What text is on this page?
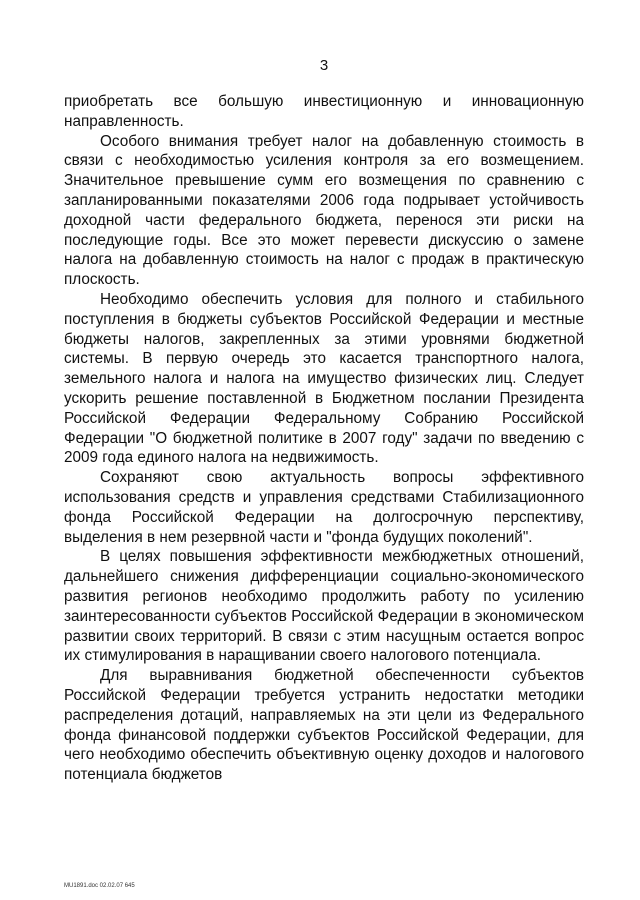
3

приобретать все большую инвестиционную и инновационную направленность.

Особого внимания требует налог на добавленную стоимость в связи с необходимостью усиления контроля за его возмещением. Значительное превышение сумм его возмещения по сравнению с запланированными показателями 2006 года подрывает устойчивость доходной части федерального бюджета, перенося эти риски на последующие годы. Все это может перевести дискуссию о замене налога на добавленную стоимость на налог с продаж в практическую плоскость.

Необходимо обеспечить условия для полного и стабильного поступления в бюджеты субъектов Российской Федерации и местные бюджеты налогов, закрепленных за этими уровнями бюджетной системы. В первую очередь это касается транспортного налога, земельного налога и налога на имущество физических лиц. Следует ускорить решение поставленной в Бюджетном послании Президента Российской Федерации Федеральному Собранию Российской Федерации "О бюджетной политике в 2007 году" задачи по введению с 2009 года единого налога на недвижимость.

Сохраняют свою актуальность вопросы эффективного использования средств и управления средствами Стабилизационного фонда Российской Федерации на долгосрочную перспективу, выделения в нем резервной части и "фонда будущих поколений".

В целях повышения эффективности межбюджетных отношений, дальнейшего снижения дифференциации социально-экономического развития регионов необходимо продолжить работу по усилению заинтересованности субъектов Российской Федерации в экономическом развитии своих территорий. В связи с этим насущным остается вопрос их стимулирования в наращивании своего налогового потенциала.

Для выравнивания бюджетной обеспеченности субъектов Российской Федерации требуется устранить недостатки методики распределения дотаций, направляемых на эти цели из Федерального фонда финансовой поддержки субъектов Российской Федерации, для чего необходимо обеспечить объективную оценку доходов и налогового потенциала бюджетов

MU1891.doc 02.02.07 645
